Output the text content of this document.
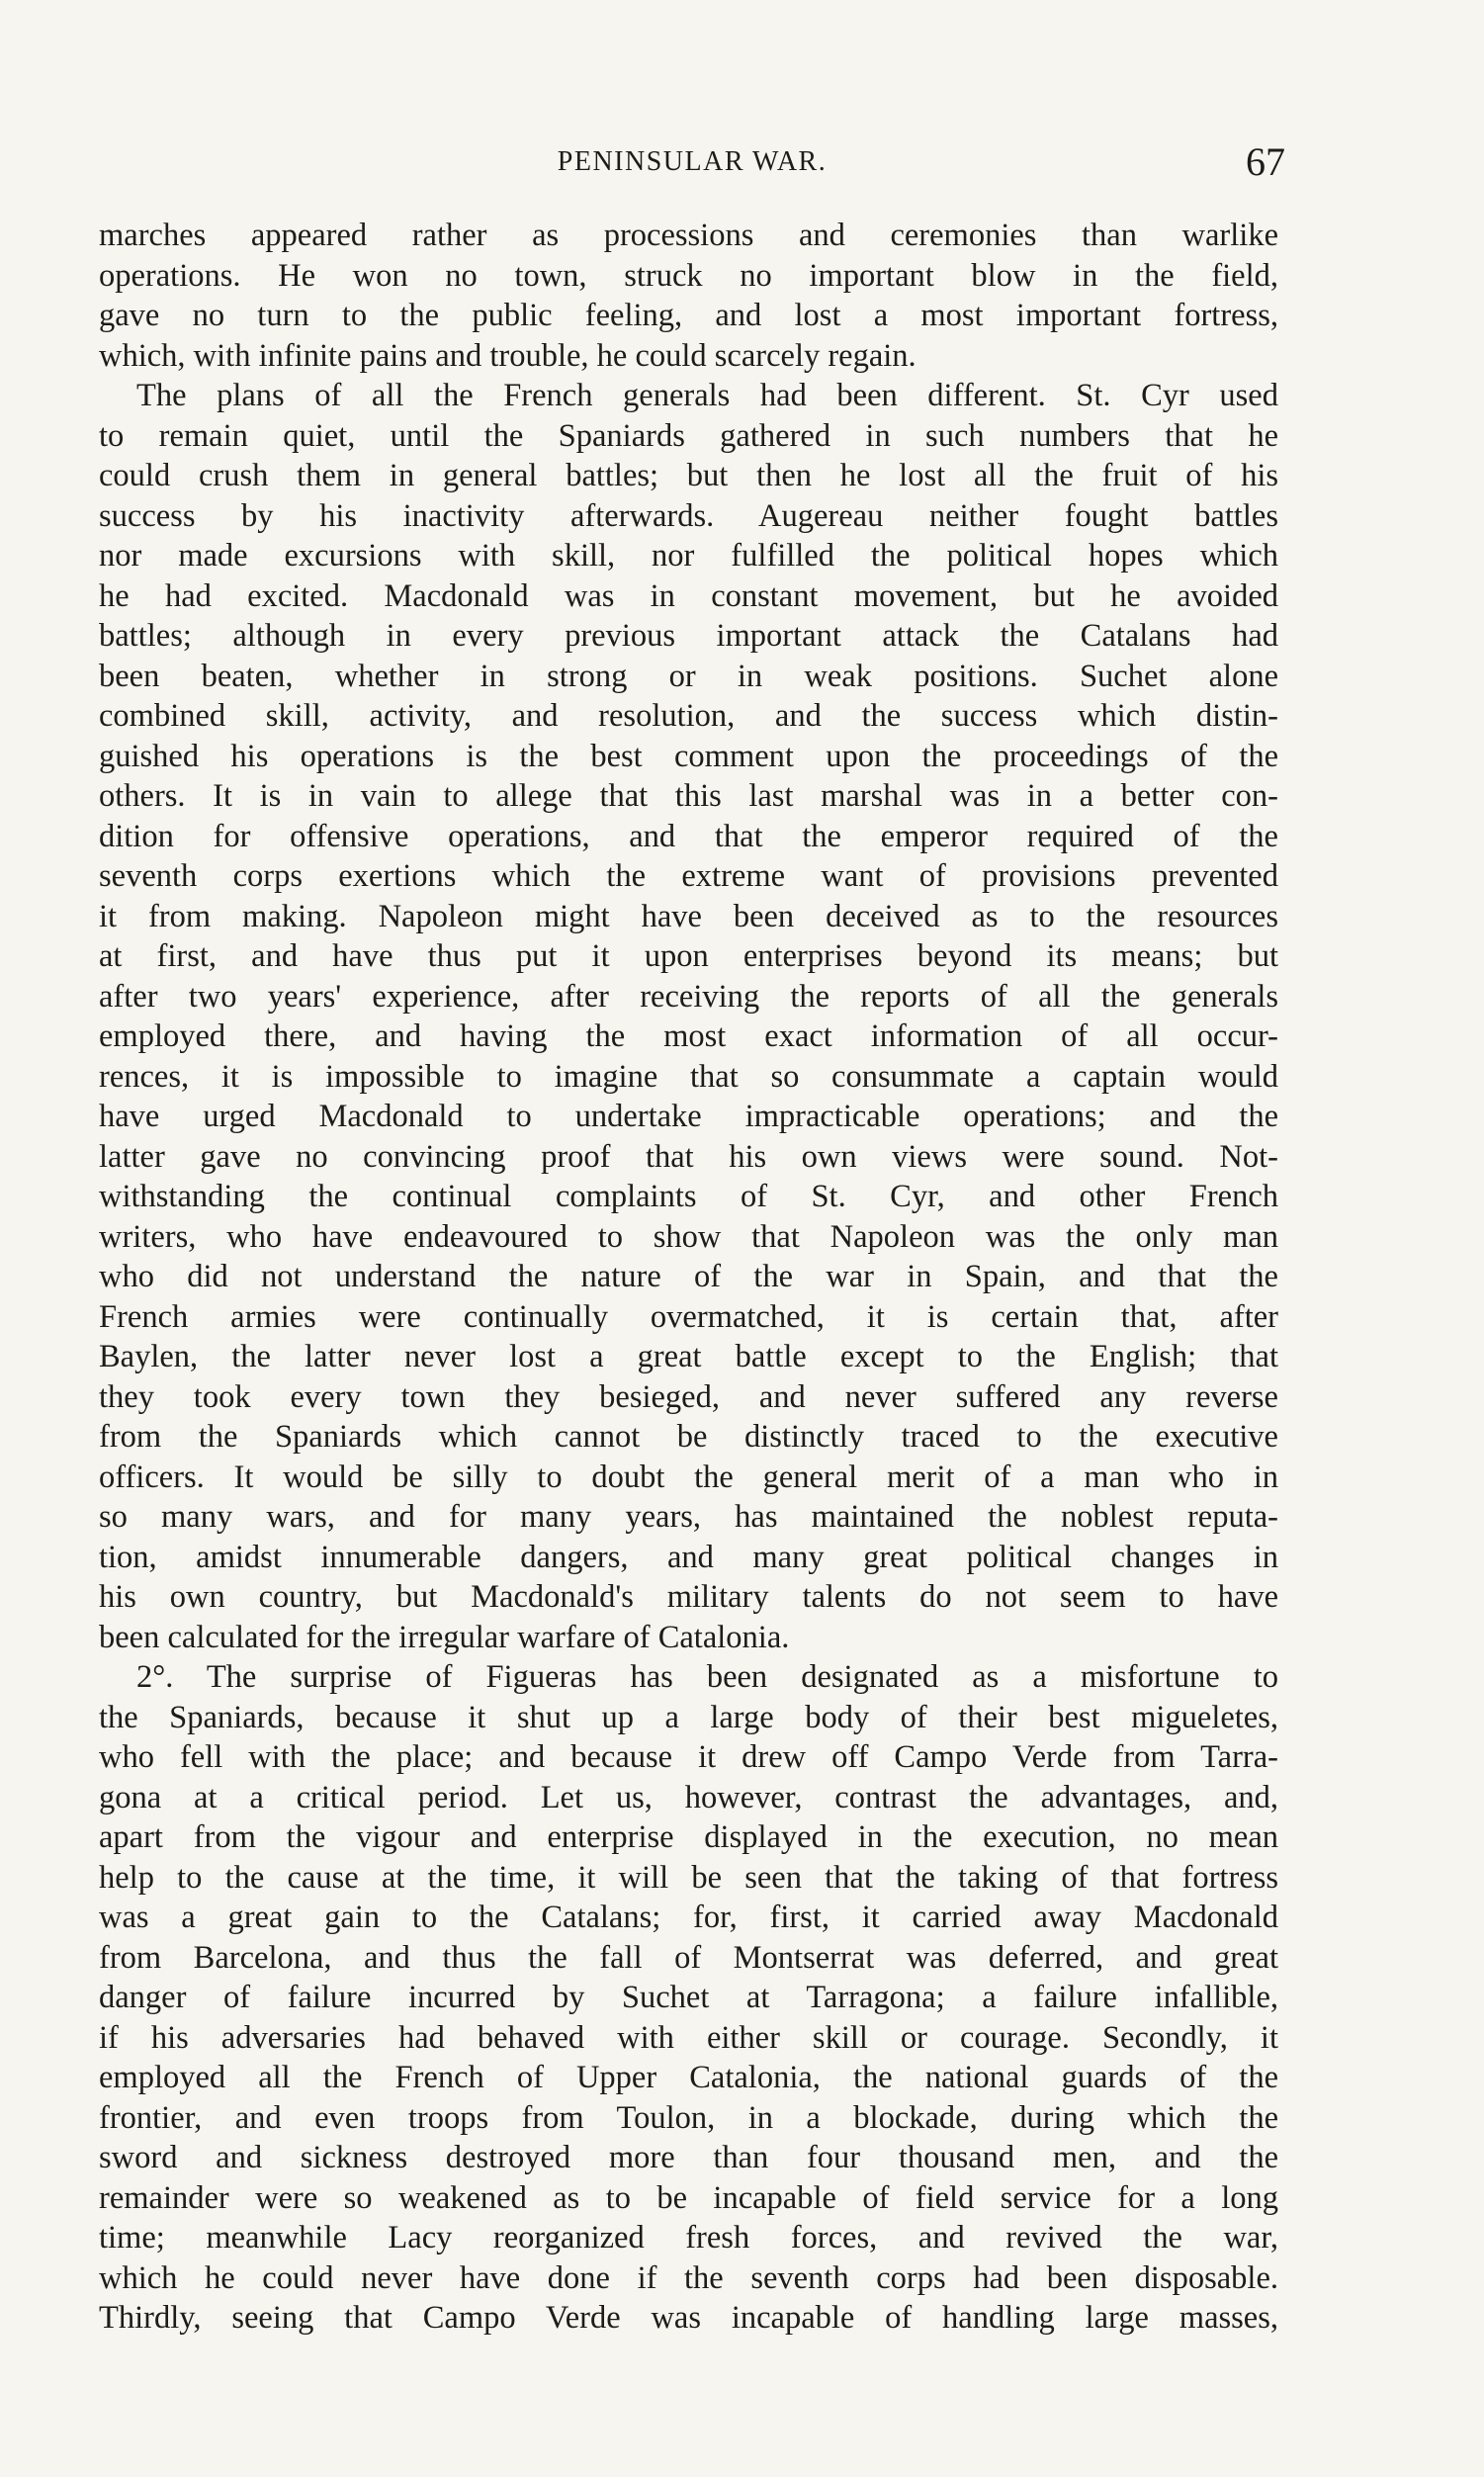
PENINSULAR WAR.	67
marches appeared rather as processions and ceremonies than warlike
operations. He won no town, struck no important blow in the field,
gave no turn to the public feeling, and lost a most important fortress,
which, with infinite pains and trouble, he could scarcely regain.
The plans of all the French generals had been different. St. Cyr used
to remain quiet, until the Spaniards gathered in such numbers that he
could crush them in general battles; but then he lost all the fruit of his
success by his inactivity afterwards. Augereau neither fought battles
nor made excursions with skill, nor fulfilled the political hopes which
he had excited. Macdonald was in constant movement, but he avoided
battles; although in every previous important attack the Catalans had
been beaten, whether in strong or in weak positions. Suchet alone
combined skill, activity, and resolution, and the success which distin-
guished his operations is the best comment upon the proceedings of the
others. It is in vain to allege that this last marshal was in a better con-
dition for offensive operations, and that the emperor required of the
seventh corps exertions which the extreme want of provisions prevented
it from making. Napoleon might have been deceived as to the resources
at first, and have thus put it upon enterprises beyond its means; but
after two years' experience, after receiving the reports of all the generals
employed there, and having the most exact information of all occur-
rences, it is impossible to imagine that so consummate a captain would
have urged Macdonald to undertake impracticable operations; and the
latter gave no convincing proof that his own views were sound. Not-
withstanding the continual complaints of St. Cyr, and other French
writers, who have endeavoured to show that Napoleon was the only man
who did not understand the nature of the war in Spain, and that the
French armies were continually overmatched, it is certain that, after
Baylen, the latter never lost a great battle except to the English; that
they took every town they besieged, and never suffered any reverse
from the Spaniards which cannot be distinctly traced to the executive
officers. It would be silly to doubt the general merit of a man who in
so many wars, and for many years, has maintained the noblest reputa-
tion, amidst innumerable dangers, and many great political changes in
his own country, but Macdonald's military talents do not seem to have
been calculated for the irregular warfare of Catalonia.
2°. The surprise of Figueras has been designated as a misfortune to
the Spaniards, because it shut up a large body of their best migueletes,
who fell with the place; and because it drew off Campo Verde from Tarra-
gona at a critical period. Let us, however, contrast the advantages, and,
apart from the vigour and enterprise displayed in the execution, no mean
help to the cause at the time, it will be seen that the taking of that fortress
was a great gain to the Catalans; for, first, it carried away Macdonald
from Barcelona, and thus the fall of Montserrat was deferred, and great
danger of failure incurred by Suchet at Tarragona; a failure infallible,
if his adversaries had behaved with either skill or courage. Secondly, it
employed all the French of Upper Catalonia, the national guards of the
frontier, and even troops from Toulon, in a blockade, during which the
sword and sickness destroyed more than four thousand men, and the
remainder were so weakened as to be incapable of field service for a long
time; meanwhile Lacy reorganized fresh forces, and revived the war,
which he could never have done if the seventh corps had been disposable.
Thirdly, seeing that Campo Verde was incapable of handling large masses,
